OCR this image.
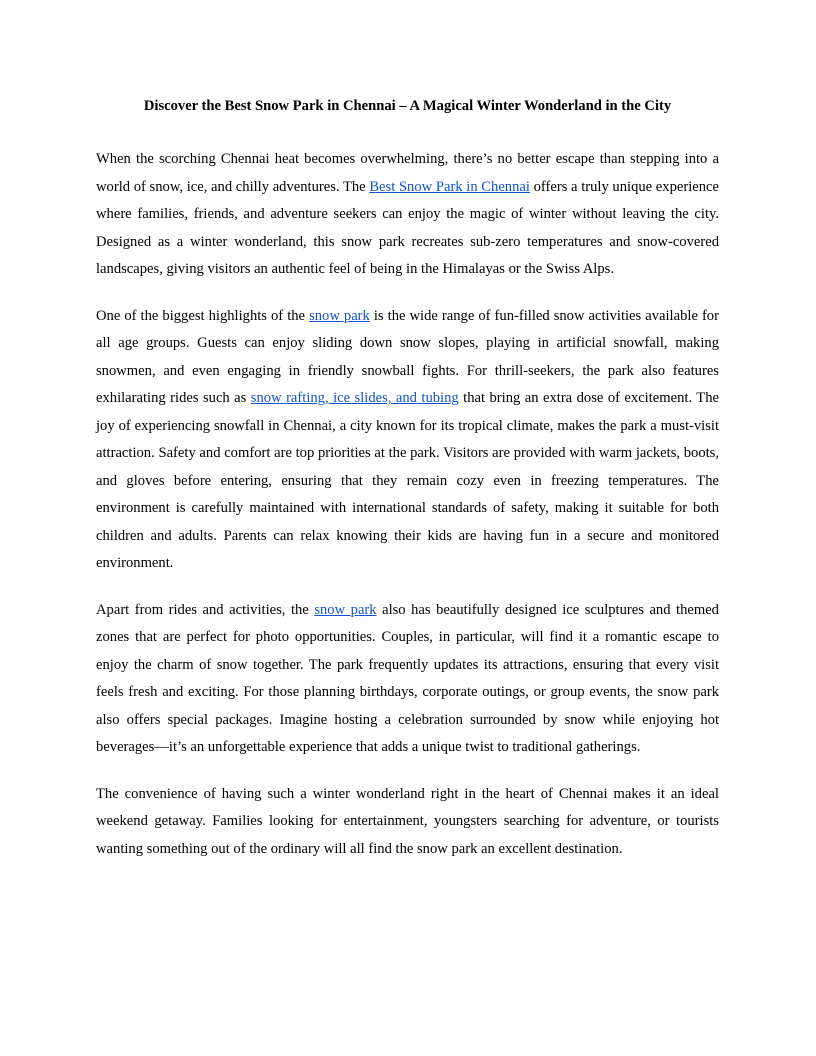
Discover the Best Snow Park in Chennai – A Magical Winter Wonderland in the City

When the scorching Chennai heat becomes overwhelming, there’s no better escape than stepping into a world of snow, ice, and chilly adventures. The Best Snow Park in Chennai offers a truly unique experience where families, friends, and adventure seekers can enjoy the magic of winter without leaving the city. Designed as a winter wonderland, this snow park recreates sub-zero temperatures and snow-covered landscapes, giving visitors an authentic feel of being in the Himalayas or the Swiss Alps.

One of the biggest highlights of the snow park is the wide range of fun-filled snow activities available for all age groups. Guests can enjoy sliding down snow slopes, playing in artificial snowfall, making snowmen, and even engaging in friendly snowball fights. For thrill-seekers, the park also features exhilarating rides such as snow rafting, ice slides, and tubing that bring an extra dose of excitement. The joy of experiencing snowfall in Chennai, a city known for its tropical climate, makes the park a must-visit attraction. Safety and comfort are top priorities at the park. Visitors are provided with warm jackets, boots, and gloves before entering, ensuring that they remain cozy even in freezing temperatures. The environment is carefully maintained with international standards of safety, making it suitable for both children and adults. Parents can relax knowing their kids are having fun in a secure and monitored environment.

Apart from rides and activities, the snow park also has beautifully designed ice sculptures and themed zones that are perfect for photo opportunities. Couples, in particular, will find it a romantic escape to enjoy the charm of snow together. The park frequently updates its attractions, ensuring that every visit feels fresh and exciting. For those planning birthdays, corporate outings, or group events, the snow park also offers special packages. Imagine hosting a celebration surrounded by snow while enjoying hot beverages—it’s an unforgettable experience that adds a unique twist to traditional gatherings.

The convenience of having such a winter wonderland right in the heart of Chennai makes it an ideal weekend getaway. Families looking for entertainment, youngsters searching for adventure, or tourists wanting something out of the ordinary will all find the snow park an excellent destination.
